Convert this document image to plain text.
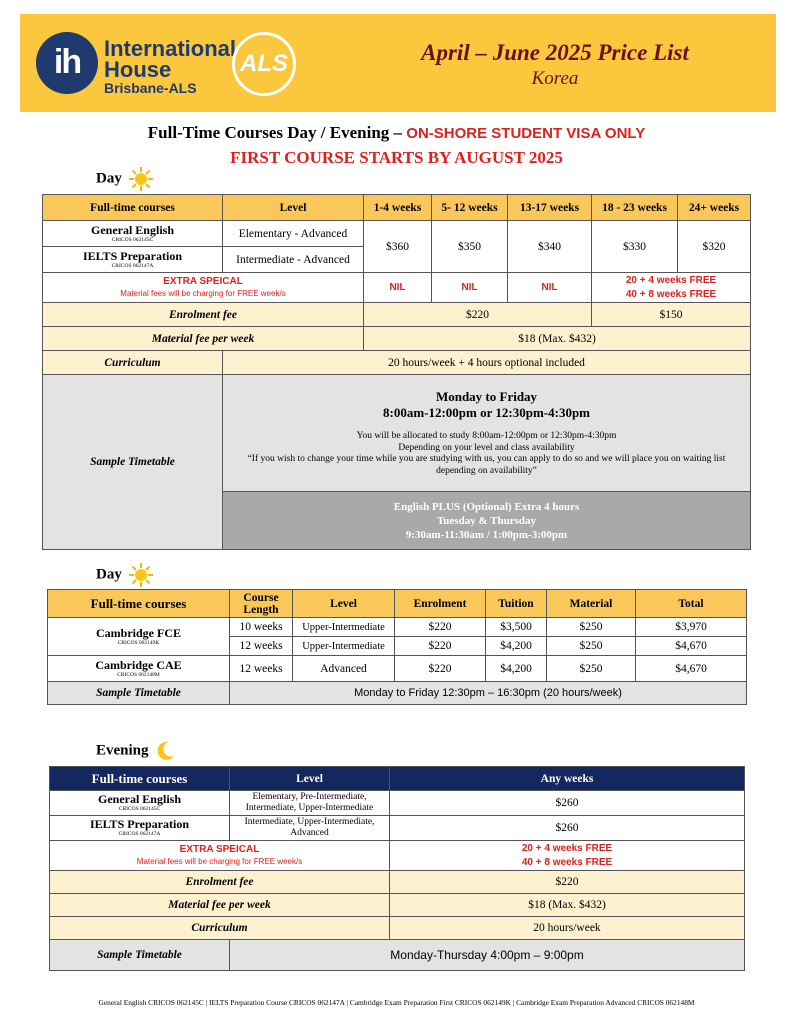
ih	International
House
Brisbane-ALS
ALS	April – June 2025 Price List
Korea
Full-Time Courses Day / Evening – ON-SHORE STUDENT VISA ONLY
FIRST COURSE STARTS BY AUGUST 2025
Day
Full-time courses	Level	1-4 weeks	5- 12 weeks	13-17 weeks	18 - 23 weeks	24+ weeks

General English
CRICOS 062145C	Elementary - Advanced	$360	$350	$340	$330	$320

IELTS Preparation
CRICOS 062147A	Intermediate - Advanced					

EXTRA SPEICAL
Material fees will be charging for FREE week/s		NIL	NIL	NIL	20 + 4 weeks FREE
40 + 8 weeks FREE	

Enrolment fee		$220			$150	
Material fee per week		$18 (Max. $432)				
Curriculum	20 hours/week + 4 hours optional included					
Sample Timetable	Monday to Friday
8:00am-12:00pm or 12:30pm-4:30pm
You will be allocated to study 8:00am-12:00pm or 12:30pm-4:30pm
Depending on your level and class availability
“If you wish to change your time while you are studying with us, you can apply to do so and we will place you on waiting list depending on availability”					

	English PLUS (Optional) Extra 4 hours
Tuesday & Thursday
9:30am-11:30am / 1:00pm-3:00pm					
Day
Full-time courses	Course Length	Level	Enrolment	Tuition	Material	Total

Cambridge FCE
CRICOS 062149K	10 weeks	Upper-Intermediate	$220	$3,500	$250	$3,970
	12 weeks	Upper-Intermediate	$220	$4,200	$250	$4,670

Cambridge CAE
CRICOS 062148M	12 weeks	Advanced	$220	$4,200	$250	$4,670
Sample Timetable	Monday to Friday 12:30pm – 16:30pm (20 hours/week)					
Evening
Full-time courses	Level	Any weeks

General English
CRICOS 062145C	Elementary, Pre-Intermediate, Intermediate, Upper-Intermediate	$260

IELTS Preparation
CRICOS 062147A	Intermediate, Upper-Intermediate, Advanced	$260

EXTRA SPEICAL
Material fees will be charging for FREE week/s		20 + 4 weeks FREE
40 + 8 weeks FREE

Enrolment fee		$220
Material fee per week		$18 (Max. $432)
Curriculum		20 hours/week
Sample Timetable	Monday-Thursday 4:00pm – 9:00pm	
General English CRICOS 062145C | IELTS Preparation Course CRICOS 062147A | Cambridge Exam Preparation First CRICOS 062149K | Cambridge Exam Preparation Advanced CRICOS 062148M
